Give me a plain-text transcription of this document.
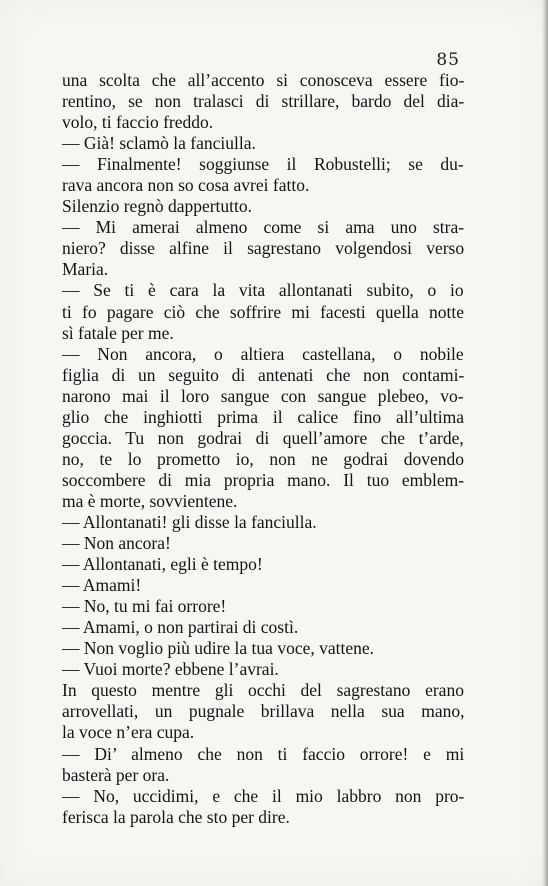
85
una scolta che all’accento si conosceva essere fio-
rentino, se non tralasci di strillare, bardo del dia-
volo, ti faccio freddo.
— Già! sclamò la fanciulla.
— Finalmente! soggiunse il Robustelli; se du-
rava ancora non so cosa avrei fatto.
Silenzio regnò dappertutto.
— Mi amerai almeno come si ama uno stra-
niero? disse alfine il sagrestano volgendosi verso
Maria.
— Se ti è cara la vita allontanati subito, o io
ti fo pagare ciò che soffrire mi facesti quella notte
sì fatale per me.
— Non ancora, o altiera castellana, o nobile
figlia di un seguito di antenati che non contami-
narono mai il loro sangue con sangue plebeo, vo-
glio che inghiotti prima il calice fino all’ultima
goccia. Tu non godrai di quell’amore che t’arde,
no, te lo prometto io, non ne godrai dovendo
soccombere di mia propria mano. Il tuo emblem-
ma è morte, sovvientene.
— Allontanati! gli disse la fanciulla.
— Non ancora!
— Allontanati, egli è tempo!
— Amami!
— No, tu mi fai orrore!
— Amami, o non partirai di costì.
— Non voglio più udire la tua voce, vattene.
— Vuoi morte? ebbene l’avrai.
In questo mentre gli occhi del sagrestano erano
arrovellati, un pugnale brillava nella sua mano,
la voce n’era cupa.
— Di’ almeno che non ti faccio orrore! e mi
basterà per ora.
— No, uccidimi, e che il mio labbro non pro-
ferisca la parola che sto per dire.
